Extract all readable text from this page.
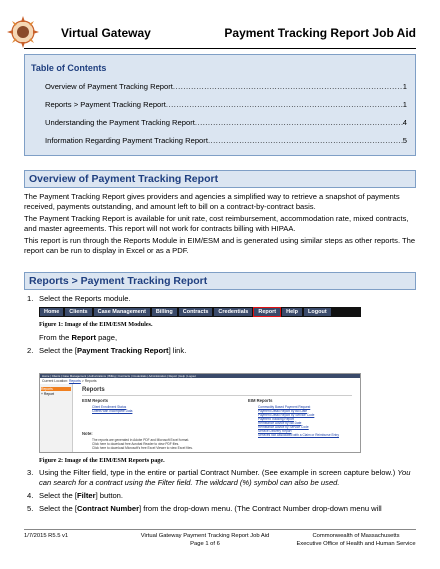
Virtual Gateway	Payment Tracking Report Job Aid
Table of Contents
Overview of Payment Tracking Report .....	1
Reports > Payment Tracking Report .....	1
Understanding the Payment Tracking Report .....	4
Information Regarding Payment Tracking Report .....	5
Overview of Payment Tracking Report
The Payment Tracking Report gives providers and agencies a simplified way to retrieve a snapshot of payments received, payments outstanding, and amount left to bill on a contract-by-contract basis.
The Payment Tracking Report is available for unit rate, cost reimbursement, accommodation rate, mixed contracts, and master agreements. This report will not work for contracts billing with HIPAA.
This report is run through the Reports Module in EIM/ESM and is generated using similar steps as other reports. The report can be run to display in Excel or as a PDF.
Reports > Payment Tracking Report
1. Select the Reports module.
Home	Clients	Case Management	Billing	Contracts	Credentials	Report	Help	Logout
Figure 1: Image of the EIM/ESM Modules.
From the Report page,
2. Select the [Payment Tracking Report] link.
Home | Clients | Case Management | Authorizations | Billing | Contracts | Credentials | Administration | Report | Help | Logout
Current Location: Reports > Reports
Reports
+ Report
Reports
ESM Reports
Client Enrollment Status
Clients with Incomplete Data
EIM Reports
Commodity Based Payment Request
Payment Detail Report by Bill Date
Payment Detail Report by Service Code
Payment Tracking Report
Remittance Advice by Bill Date
Remittance Advice by Service Code
Service Delivery Report
Services Not Associated with a Claim or Reimburse Entry
Note:
The reports are generated in Adobe PDF and Microsoft Excel format.
Click here to download free Acrobat Reader to view PDF files.
Click here to download Microsoft's free Excel Viewer to view Excel files.
Figure 2: Image of the EIM/ESM Reports page.
3. Using the Filter field, type in the entire or partial Contract Number. (See example in screen capture below.) You can search for a contract using the Filter field. The wildcard (%) symbol can also be used.
4. Select the [Filter] button.
5. Select the [Contract Number] from the drop-down menu. (The Contract Number drop-down menu will
1/7/2015 R5.5 v1	Virtual Gateway Payment Tracking Report Job Aid
Page 1 of 6
Commonwealth of Massachusetts
Executive Office of Health and Human Service
